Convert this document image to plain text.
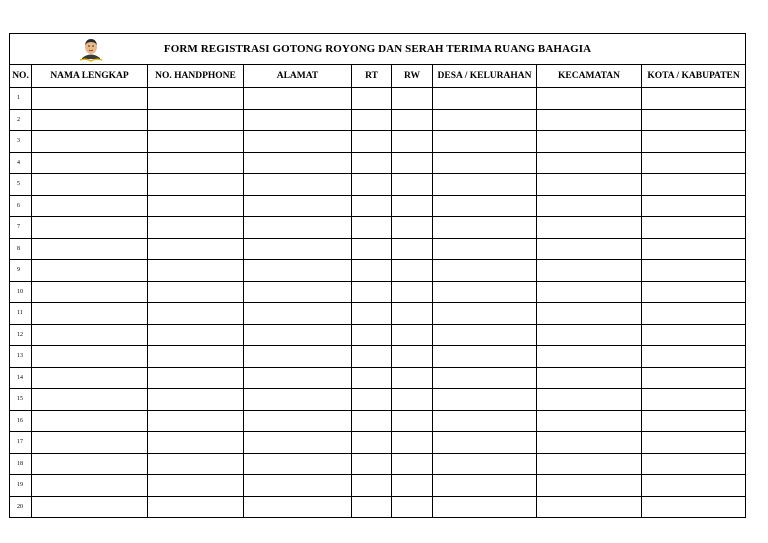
FORM REGISTRASI GOTONG ROYONG DAN SERAH TERIMA RUANG BAHAGIA								

NO.	NAMA LENGKAP	NO. HANDPHONE	ALAMAT	RT	RW	DESA / KELURAHAN	KECAMATAN	KOTA / KABUPATEN
1								
2								
3								
4								
5								
6								
7								
8								
9								
10								
11								
12								
13								
14								
15								
16								
17								
18								
19								
20								
